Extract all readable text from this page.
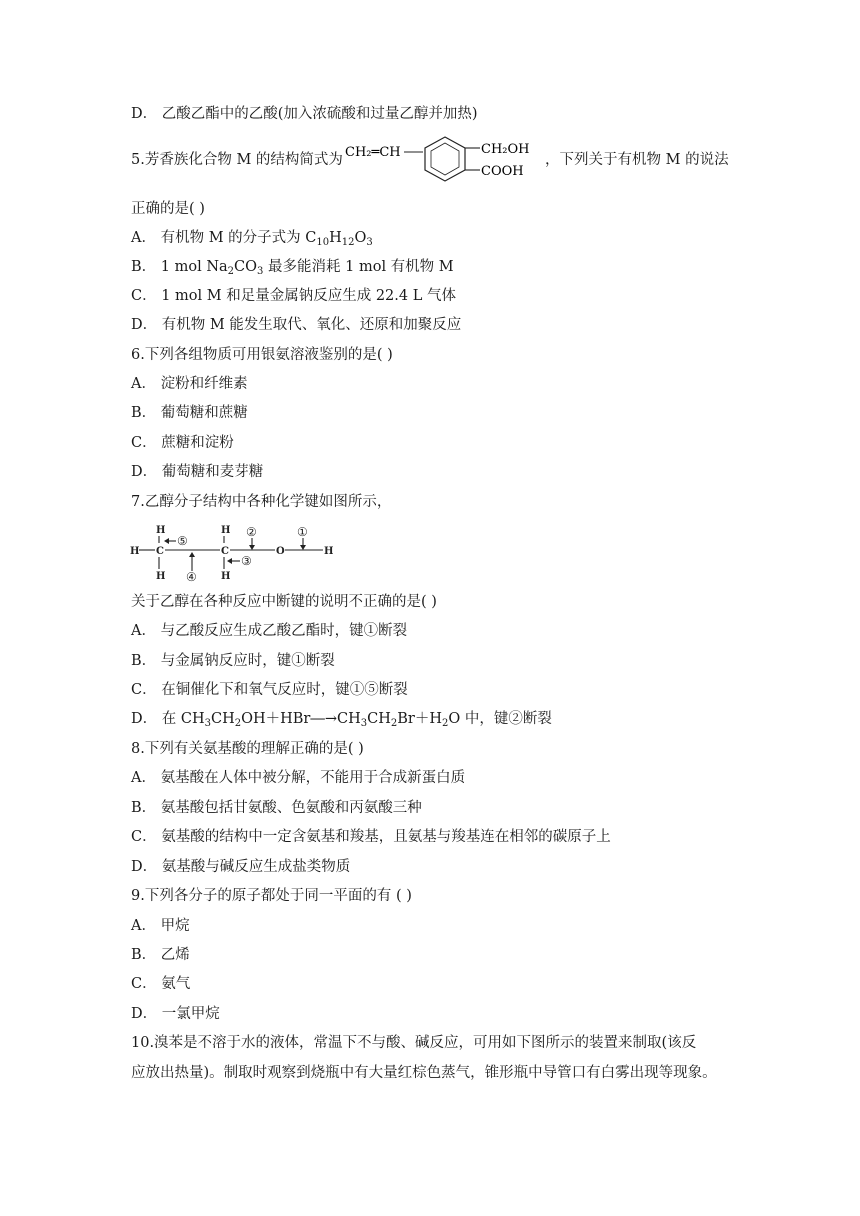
D． 乙酸乙酯中的乙酸(加入浓硫酸和过量乙醇并加热)
5.芳香族化合物 M 的结构简式为 CH₂═CH	CH₂OH
COOH
，下列关于有机物 M 的说法
正确的是( )
A． 有机物 M 的分子式为 $C_{10}H_{12}O_3$
B． 1 mol $Na_2CO_3$ 最多能消耗 1 mol 有机物 M
C． 1 mol M 和足量金属钠反应生成 22.4 L 气体
D． 有机物 M 能发生取代、氧化、还原和加聚反应
6.下列各组物质可用银氨溶液鉴别的是( )
A． 淀粉和纤维素
B． 葡萄糖和蔗糖
C． 蔗糖和淀粉
D． 葡萄糖和麦芽糖
7.乙醇分子结构中各种化学键如图所示，
H
H
C
H
H
C
H
O	H
⑤
④
③
②	①
关于乙醇在各种反应中断键的说明不正确的是( )
A． 与乙酸反应生成乙酸乙酯时，键①断裂
B． 与金属钠反应时，键①断裂
C． 在铜催化下和氧气反应时，键①⑤断裂
D． 在 $CH_3CH_2OH+HBr―\to CH_3CH_2Br+H_2O$ 中，键②断裂
8.下列有关氨基酸的理解正确的是( )
A． 氨基酸在人体中被分解，不能用于合成新蛋白质
B． 氨基酸包括甘氨酸、色氨酸和丙氨酸三种
C． 氨基酸的结构中一定含氨基和羧基，且氨基与羧基连在相邻的碳原子上
D． 氨基酸与碱反应生成盐类物质
9.下列各分子的原子都处于同一平面的有 ( )
A． 甲烷
B． 乙烯
C． 氨气
D． 一氯甲烷
10.溴苯是不溶于水的液体，常温下不与酸、碱反应，可用如下图所示的装置来制取(该反
应放出热量)。制取时观察到烧瓶中有大量红棕色蒸气，锥形瓶中导管口有白雾出现等现象。
